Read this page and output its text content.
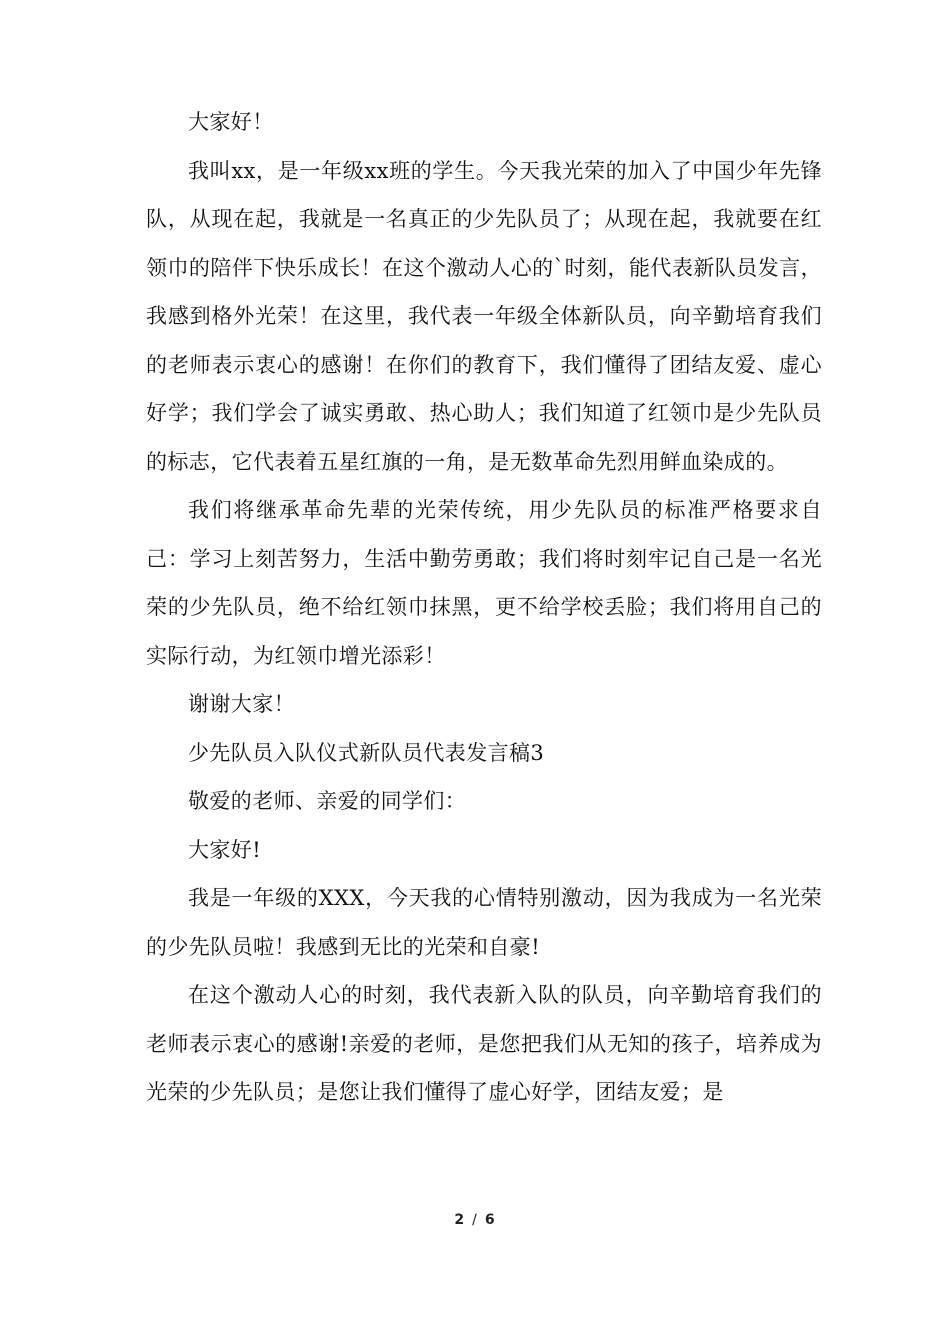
大家好！

我叫xx，是一年级xx班的学生。今天我光荣的加入了中国少年先锋队，从现在起，我就是一名真正的少先队员了；从现在起，我就要在红领巾的陪伴下快乐成长！在这个激动人心的`时刻，能代表新队员发言，我感到格外光荣！在这里，我代表一年级全体新队员，向辛勤培育我们的老师表示衷心的感谢！在你们的教育下，我们懂得了团结友爱、虚心好学；我们学会了诚实勇敢、热心助人；我们知道了红领巾是少先队员的标志，它代表着五星红旗的一角，是无数革命先烈用鲜血染成的。

我们将继承革命先辈的光荣传统，用少先队员的标准严格要求自己：学习上刻苦努力，生活中勤劳勇敢；我们将时刻牢记自己是一名光荣的少先队员，绝不给红领巾抹黑，更不给学校丢脸；我们将用自己的实际行动，为红领巾增光添彩！

谢谢大家！

少先队员入队仪式新队员代表发言稿3

敬爱的老师、亲爱的同学们：

大家好!

我是一年级的XXX，今天我的心情特别激动，因为我成为一名光荣的少先队员啦！我感到无比的光荣和自豪!

在这个激动人心的时刻，我代表新入队的队员，向辛勤培育我们的老师表示衷心的感谢!亲爱的老师，是您把我们从无知的孩子，培养成为光荣的少先队员；是您让我们懂得了虚心好学，团结友爱；是

2 / 6
